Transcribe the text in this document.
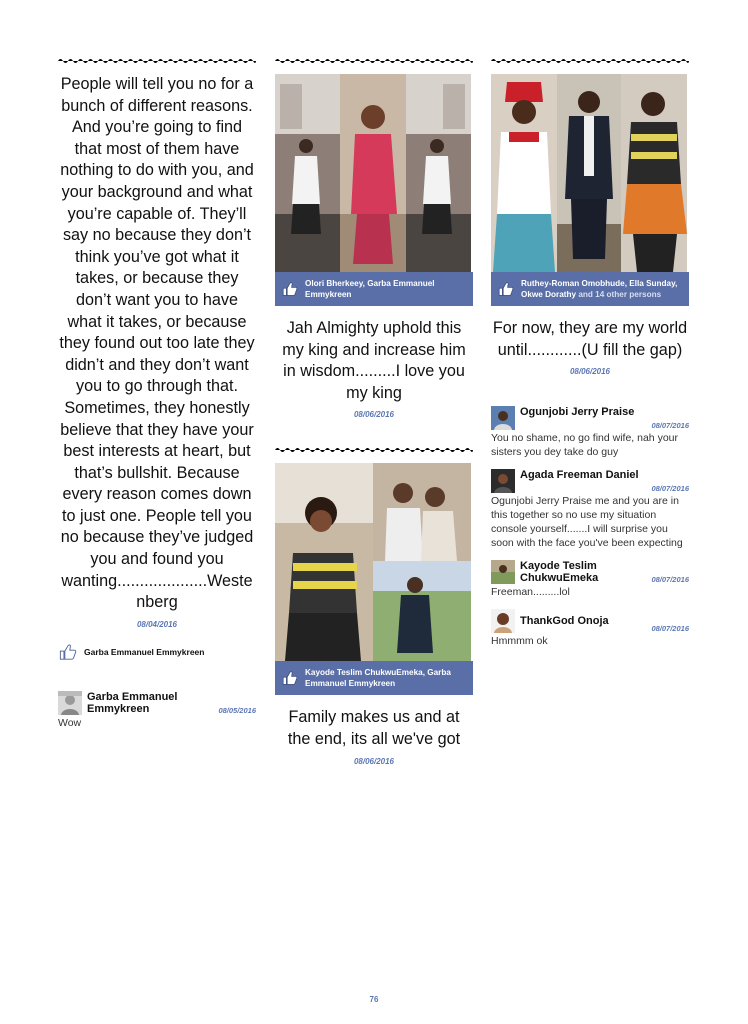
People will tell you no for a bunch of different reasons. And you’re going to find that most of them have nothing to do with you, and your background and what you’re capable of. They’ll say no because they don’t think you’ve got what it takes, or because they don’t want you to have what it takes, or because they found out too late they didn’t and they don’t want you to go through that. Sometimes, they honestly believe that they have your best interests at heart, but that’s bullshit. Because every reason comes down to just one. People tell you no because they’ve judged you and found you wanting....................Westenberg

08/04/2016
Garba Emmanuel Emmykreen
Garba Emmanuel Emmykreen	08/05/2016
Wow
Olori Bherkeey, Garba Emmanuel Emmykreen

Jah Almighty uphold this my king and increase him in wisdom.........I love you my king

08/06/2016
Kayode Teslim ChukwuEmeka, Garba Emmanuel Emmykreen

Family makes us and at the end, its all we've got

08/06/2016
Ruthey-Roman Omobhude, Ella Sunday, Okwe Dorathy and 14 other persons

For now, they are my world until............(U fill the gap)

08/06/2016
Ogunjobi Jerry Praise
08/07/2016
You no shame, no go find wife, nah your sisters you dey take do guy
Agada Freeman Daniel
08/07/2016
Ogunjobi Jerry Praise me and you are in this together so no use my situation console yourself.......I will surprise you soon with the face you've been expecting
Kayode Teslim ChukwuEmeka	08/07/2016
Freeman.........lol
ThankGod Onoja
08/07/2016
Hmmmm ok
76
